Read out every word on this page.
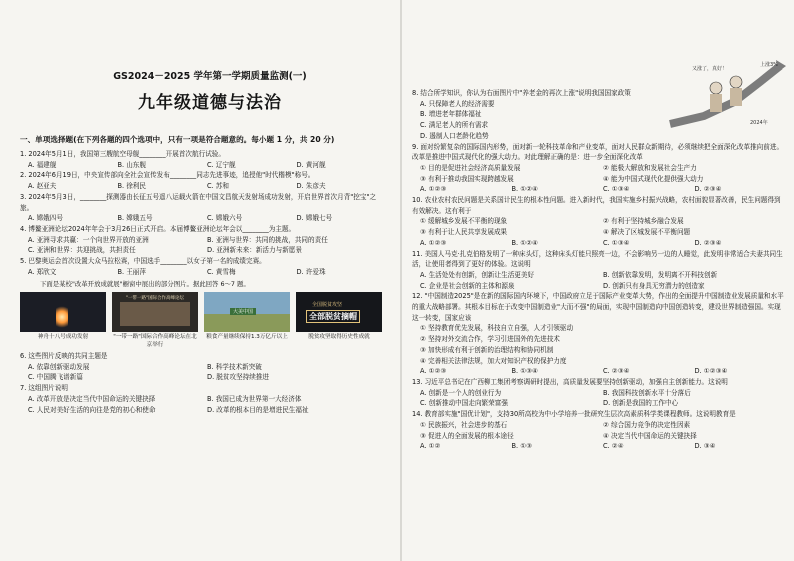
GS2024－2025 学年第一学期质量监测(一)
九年级道德与法治
一、单项选择题(在下列各题的四个选项中，只有一项是符合题意的。每小题 1 分，共 20 分)
1. 2024年5月1日，我国第三艘航空母舰________开展首次航行试验。
A. 福建舰	B. 山东舰	C. 辽宁舰	D. 黄河舰
2. 2024年6月19日，中央宣传部向全社会宣传发布________同志先进事迹，追授他"时代楷模"称号。
A. 赵亚夫	B. 徐利民	C. 苏和	D. 朱彦夫
3. 2024年5月3日，________探测器由长征五号遥八运载火箭在中国文昌航天发射场成功发射，开启世界首次月背"挖宝"之旅。
A. 嫦娥四号	B. 嫦娥五号	C. 嫦娥六号	D. 嫦娥七号
4. 博鳌亚洲论坛2024年年会于3月26日正式开启。本届博鳌亚洲论坛年会以________为主题。
A. 亚洲寻求共赢：一个向世界开放的亚洲	B. 亚洲与世界：共同的挑战，共同的责任
C. 亚洲和世界：共迎挑战，共担责任	D. 亚洲新未来：新活力与新愿景
5. 巴黎奥运会首次设置大众马拉松赛，中国选手________以女子第一名的成绩完赛。
A. 郑欣文	B. 王丽萍	C. 黄雪梅	D. 许爱珠
下面是某校"改革开放成就展"橱窗中展出的部分图片。据此回答 6～7 题。
"一带一路"国际合作高峰论坛
大美中国
全国脱贫攻坚
全部脱贫摘帽
神舟十八号成功发射	"一带一路"国际合作高峰论坛在北京举行
粮食产量继续保持1.3万亿斤以上	脱贫攻坚取得历史性成就
6. 这些图片反映的共同主题是
A. 依靠创新驱动发展	B. 科学技术新突破
C. 中国腾飞谱新篇	D. 脱贫攻坚持续推进
7. 这组图片说明
A. 改革开放是决定当代中国命运的关键抉择	B. 我国已成为世界第一大经济体
C. 人民对美好生活的向往是党的初心和使命	D. 改革的根本目的是增进民生福祉
上涨3%
又涨了，真好！
2024年
8. 结合所学知识，你认为右面图片中"养老金的再次上涨"说明我国国家政策
A. 只保障老人的经济需要
B. 增进老年群体福祉
C. 满足老人的所有需求
D. 遏制人口老龄化趋势
9. 面对纷繁复杂的国际国内形势，面对新一轮科技革命和产业变革，面对人民群众新期待，必须继续把全面深化改革推向前进。改革是推进中国式现代化的强大动力。对此理解正确的是：进一步全面深化改革
① 目的是促进社会经济高质量发展	② 能极大解放和发展社会生产力
③ 有利于推动我国实现跨越发展	④ 能为中国式现代化提供强大动力
A. ①②③	B. ①②④	C. ①③④	D. ②③④
10. 农业农村农民问题是关系国计民生的根本性问题。进入新时代，我国实施乡村振兴战略，农村面貌显著改善，民生问题得到有效解决。这有利于
① 缓解城乡发展不平衡的现象	② 有利于坚持城乡融合发展
③ 有利于让人民共享发展成果	④ 解决了区城发展不平衡问题
A. ①②③	B. ①②④	C. ①③④	D. ②③④
11. 美国人马克·扎克伯格发明了一种床头灯，这种床头灯能只照亮一边，不会影响另一边的人睡觉，此发明非常适合夫妻共同生活，让使用者得到了更好的体验。这说明
A. 生活处处有创新，创新让生活更美好	B. 创新依靠发明，发明离不开科技创新
C. 企业是社会创新的主体和源泉	D. 创新只有身具无穷潜力的创造家
12. "中国制造2025"是在新的国际国内环境下，中国政府立足于国际产业变革大势，作出的全面提升中国制造业发展质量和水平的重大战略部署。其根本目标在于改变中国制造业"大而不强"的局面，实现中国制造向中国创造转变，建设世界制造强国。实现这一转变，国家应该
① 坚持教育优先发展，科技自立自强，人才引领驱动
② 坚持对外交流合作，学习引进国外的先进技术
③ 加快形成有利于创新的治理结构和协同机制
④ 完善相关法律法规，加大对知识产权的保护力度
A. ①②③	B. ①③④	C. ②③④	D. ①②③④
13. 习近平总书记在广西柳工集团考察调研时提出，高质量发展要坚持创新驱动，加强自主创新能力。这说明
A. 创新是一个人的创业行为	B. 我国科技创新水平十分落后
C. 创新推动中国走向繁荣富强	D. 创新是我国的工作中心
14. 教育部实施"国优计划"，支持30所高校为中小学培养一批研究生层次高素质科学类课程教师。这说明教育是
① 民族振兴，社会进步的基石	② 综合国力竞争的决定性因素
③ 促进人的全面发展的根本途径	④ 决定当代中国命运的关键抉择
A. ①②	B. ①③	C. ②④	D. ③④
